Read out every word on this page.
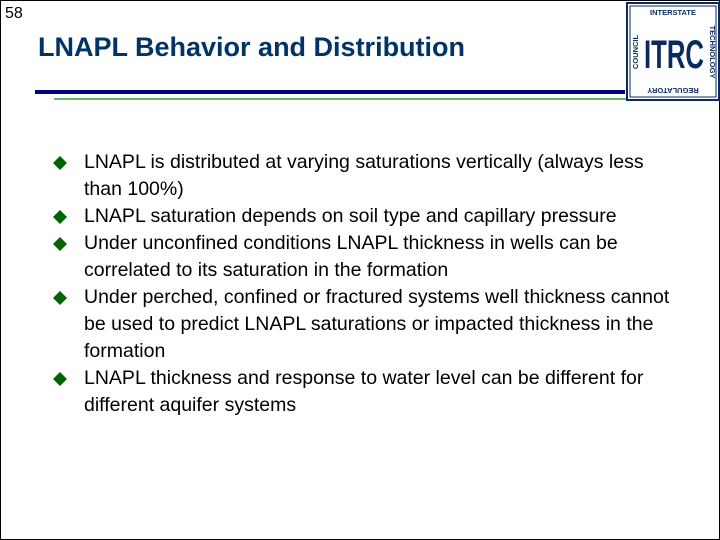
58
LNAPL Behavior and Distribution
INTERSTATE
REGULATORY
COUNCIL	TECHNOLOGY
ITRC
LNAPL is distributed at varying saturations vertically (always less than 100%)
LNAPL saturation depends on soil type and capillary pressure
Under unconfined conditions LNAPL thickness in wells can be correlated to its saturation in the formation
Under perched, confined or fractured systems well thickness cannot be used to predict LNAPL saturations or impacted thickness in the formation
LNAPL thickness and response to water level can be different for different aquifer systems
